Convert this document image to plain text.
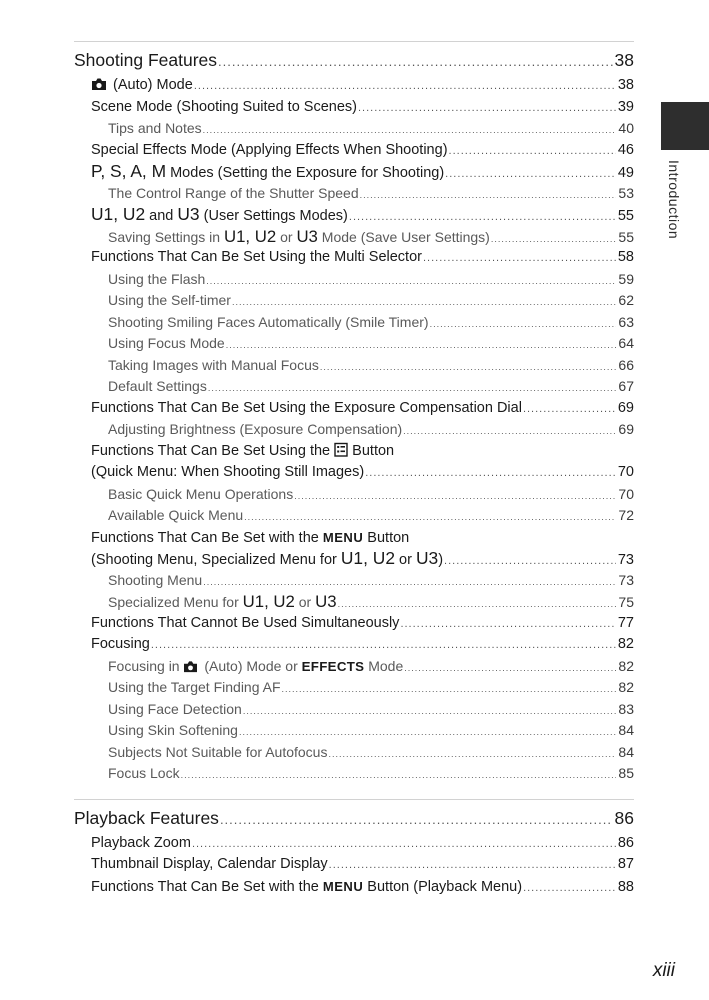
Shooting Features .....	38
(Auto) Mode .....	38
Scene Mode (Shooting Suited to Scenes) .....	39
Tips and Notes .....	40
Special Effects Mode (Applying Effects When Shooting) .....	46
P, S, A, M Modes (Setting the Exposure for Shooting) .....	49
The Control Range of the Shutter Speed .....	53
U1, U2 and U3 (User Settings Modes) .....	55
Saving Settings in U1, U2 or U3 Mode (Save User Settings) .....	55
Functions That Can Be Set Using the Multi Selector .....	58
Using the Flash .....	59
Using the Self-timer .....	62
Shooting Smiling Faces Automatically (Smile Timer) .....	63
Using Focus Mode .....	64
Taking Images with Manual Focus .....	66
Default Settings .....	67
Functions That Can Be Set Using the Exposure Compensation Dial .....	69
Adjusting Brightness (Exposure Compensation) .....	69
Functions That Can Be Set Using the  Button
(Quick Menu: When Shooting Still Images) .....	70
Basic Quick Menu Operations .....	70
Available Quick Menu .....	72
Functions That Can Be Set with the MENU Button
(Shooting Menu, Specialized Menu for U1, U2 or U3) .....	73
Shooting Menu .....	73
Specialized Menu for U1, U2 or U3 .....	75
Functions That Cannot Be Used Simultaneously .....	77
Focusing .....	82
Focusing in  (Auto) Mode or EFFECTS Mode .....	82
Using the Target Finding AF .....	82
Using Face Detection .....	83
Using Skin Softening .....	84
Subjects Not Suitable for Autofocus .....	84
Focus Lock .....	85
Playback Features .....	86
Playback Zoom .....	86
Thumbnail Display, Calendar Display .....	87
Functions That Can Be Set with the MENU Button (Playback Menu) .....	88
Introduction
xiii
